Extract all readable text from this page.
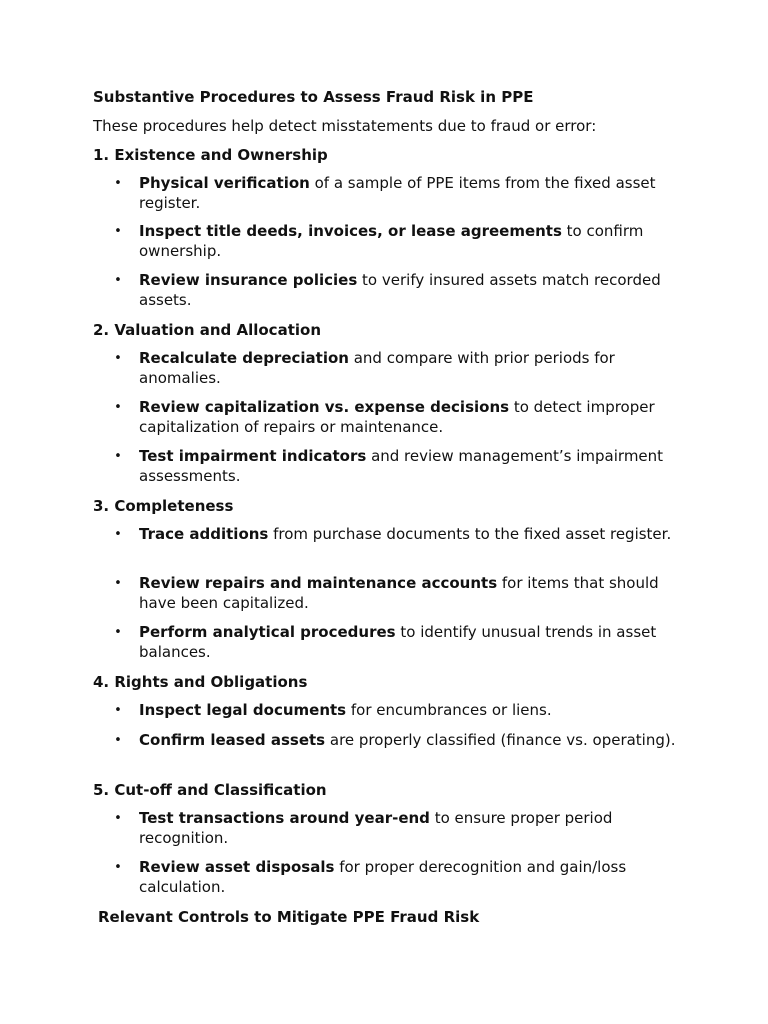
Substantive Procedures to Assess Fraud Risk in PPE

These procedures help detect misstatements due to fraud or error:

1. Existence and Ownership

• Physical verification of a sample of PPE items from the fixed asset register.
• Inspect title deeds, invoices, or lease agreements to confirm ownership.
• Review insurance policies to verify insured assets match recorded assets.

2. Valuation and Allocation

• Recalculate depreciation and compare with prior periods for anomalies.
• Review capitalization vs. expense decisions to detect improper capitalization of repairs or maintenance.
• Test impairment indicators and review management’s impairment assessments.

3. Completeness

• Trace additions from purchase documents to the fixed asset register.
• Review repairs and maintenance accounts for items that should have been capitalized.
• Perform analytical procedures to identify unusual trends in asset balances.

4. Rights and Obligations

• Inspect legal documents for encumbrances or liens.
• Confirm leased assets are properly classified (finance vs. operating).

5. Cut-off and Classification

• Test transactions around year-end to ensure proper period recognition.
• Review asset disposals for proper derecognition and gain/loss calculation.

Relevant Controls to Mitigate PPE Fraud Risk
